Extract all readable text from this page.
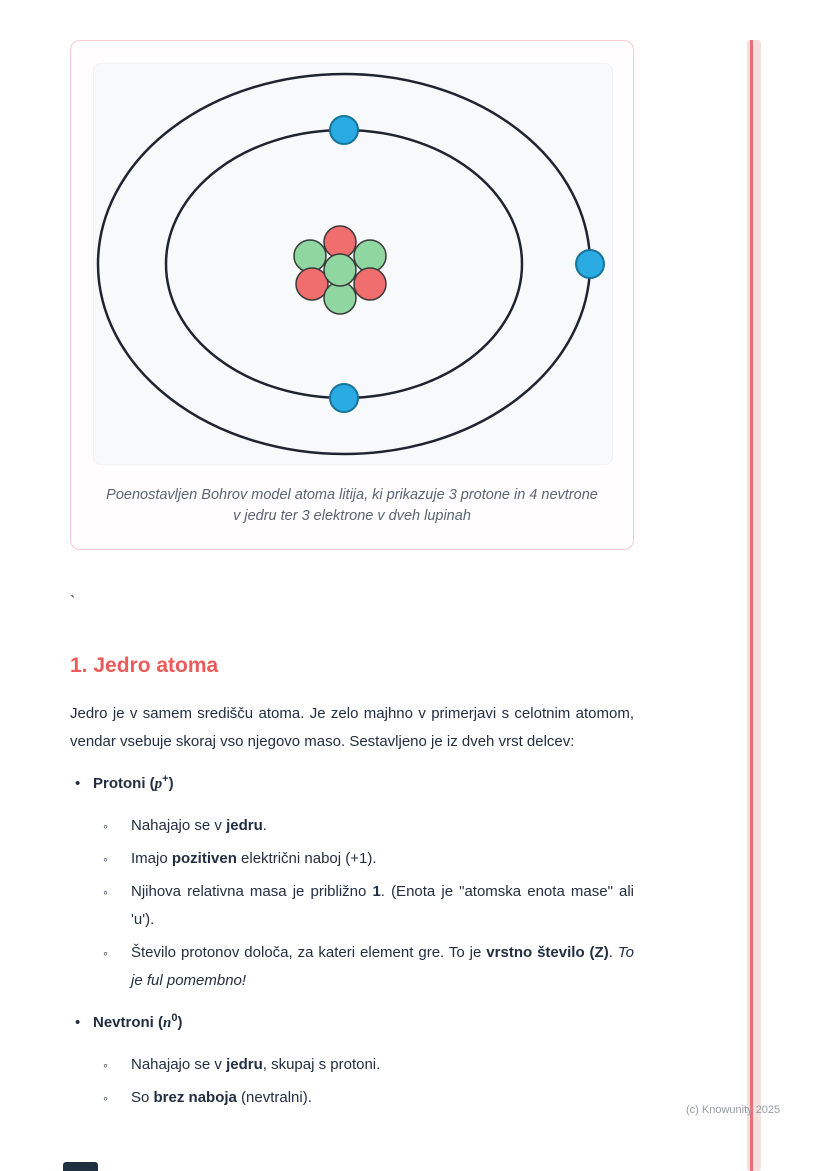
Poenostavljen Bohrov model atoma litija, ki prikazuje 3 protone in 4 nevtrone v jedru ter 3 elektrone v dveh lupinah
`
1. Jedro atoma

Jedro je v samem središču atoma. Je zelo majhno v primerjavi s celotnim atomom, vendar vsebuje skoraj vso njegovo maso. Sestavljeno je iz dveh vrst delcev:

• Protoni (p+)
◦ Nahajajo se v jedru.
◦ Imajo pozitiven električni naboj (+1).
◦ Njihova relativna masa je približno 1. (Enota je "atomska enota mase" ali 'u').
◦ Število protonov določa, za kateri element gre. To je vrstno število (Z). To je ful pomembno!
• Nevtroni $(n^0)$
◦ Nahajajo se v jedru, skupaj s protoni.
◦ So brez naboja (nevtralni).
(c) Knowunity 2025
